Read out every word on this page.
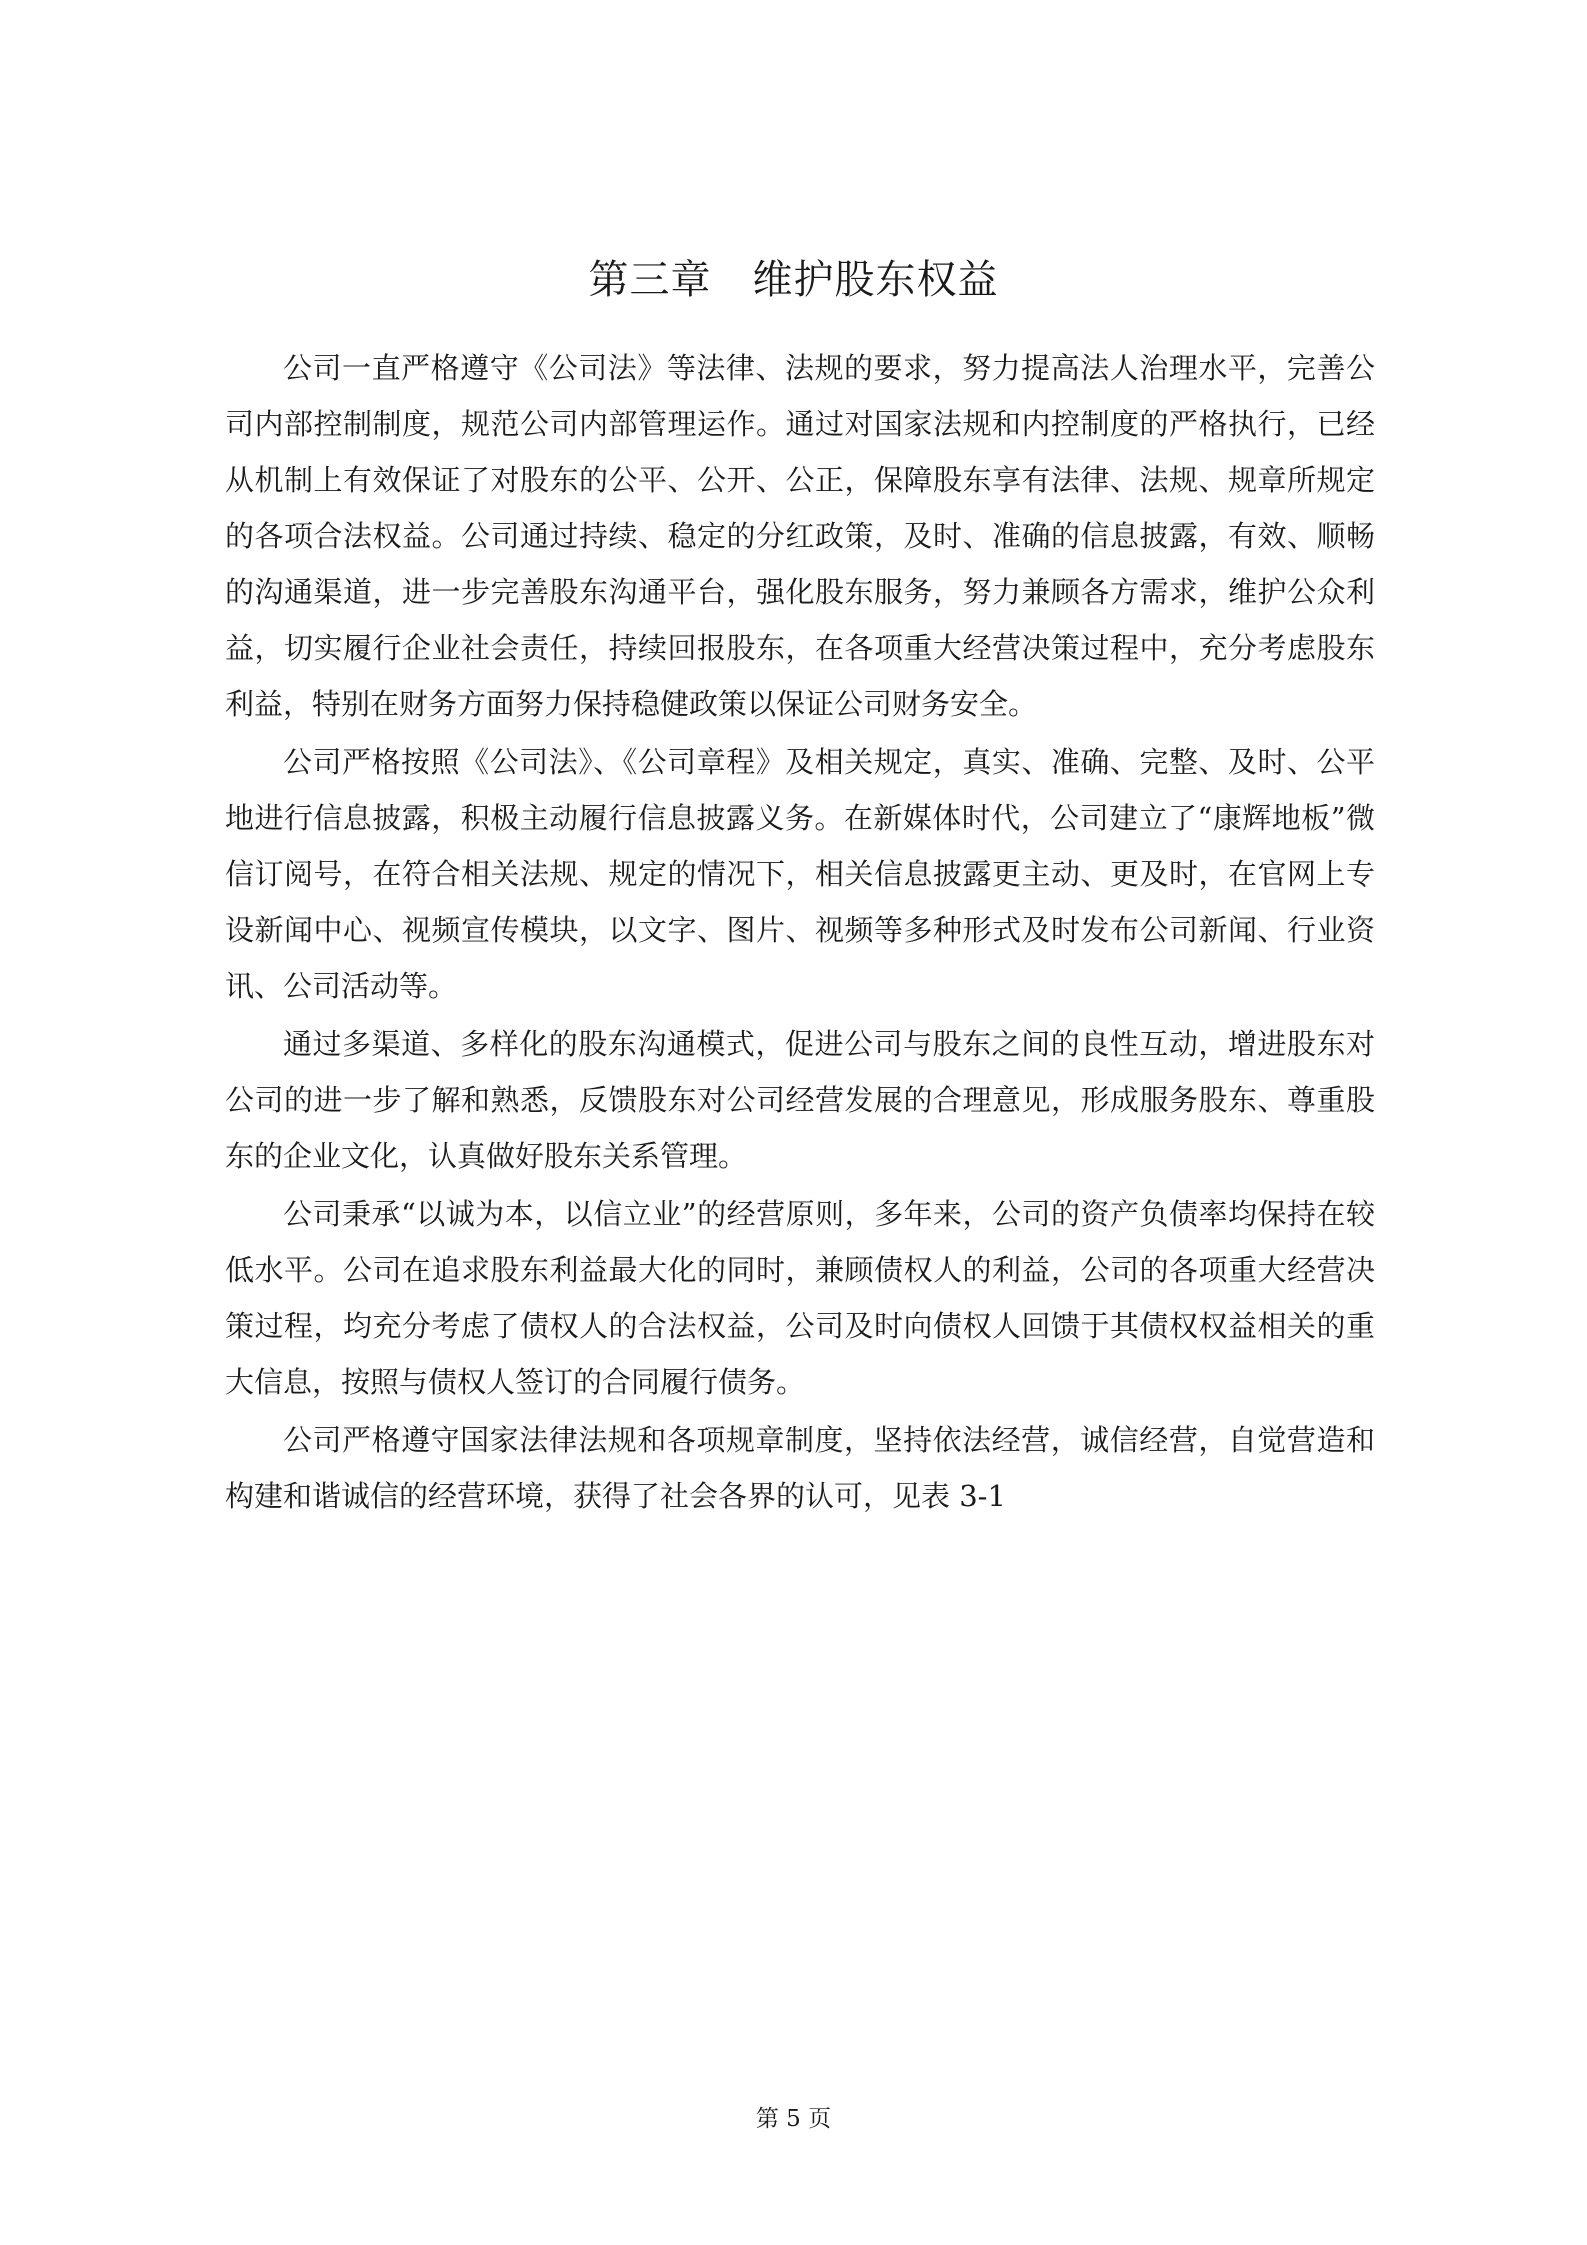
第三章　维护股东权益

公司一直严格遵守《公司法》等法律、法规的要求，努力提高法人治理水平，完善公司内部控制制度，规范公司内部管理运作。通过对国家法规和内控制度的严格执行，已经从机制上有效保证了对股东的公平、公开、公正，保障股东享有法律、法规、规章所规定的各项合法权益。公司通过持续、稳定的分红政策，及时、准确的信息披露，有效、顺畅的沟通渠道，进一步完善股东沟通平台，强化股东服务，努力兼顾各方需求，维护公众利益，切实履行企业社会责任，持续回报股东，在各项重大经营决策过程中，充分考虑股东利益，特别在财务方面努力保持稳健政策以保证公司财务安全。

公司严格按照《公司法》、《公司章程》及相关规定，真实、准确、完整、及时、公平地进行信息披露，积极主动履行信息披露义务。在新媒体时代，公司建立了“康辉地板”微信订阅号，在符合相关法规、规定的情况下，相关信息披露更主动、更及时，在官网上专设新闻中心、视频宣传模块，以文字、图片、视频等多种形式及时发布公司新闻、行业资讯、公司活动等。

通过多渠道、多样化的股东沟通模式，促进公司与股东之间的良性互动，增进股东对公司的进一步了解和熟悉，反馈股东对公司经营发展的合理意见，形成服务股东、尊重股东的企业文化，认真做好股东关系管理。

公司秉承“以诚为本，以信立业”的经营原则，多年来，公司的资产负债率均保持在较低水平。公司在追求股东利益最大化的同时，兼顾债权人的利益，公司的各项重大经营决策过程，均充分考虑了债权人的合法权益，公司及时向债权人回馈于其债权权益相关的重大信息，按照与债权人签订的合同履行债务。

公司严格遵守国家法律法规和各项规章制度，坚持依法经营，诚信经营，自觉营造和构建和谐诚信的经营环境，获得了社会各界的认可，见表 3-1

第 5 页
